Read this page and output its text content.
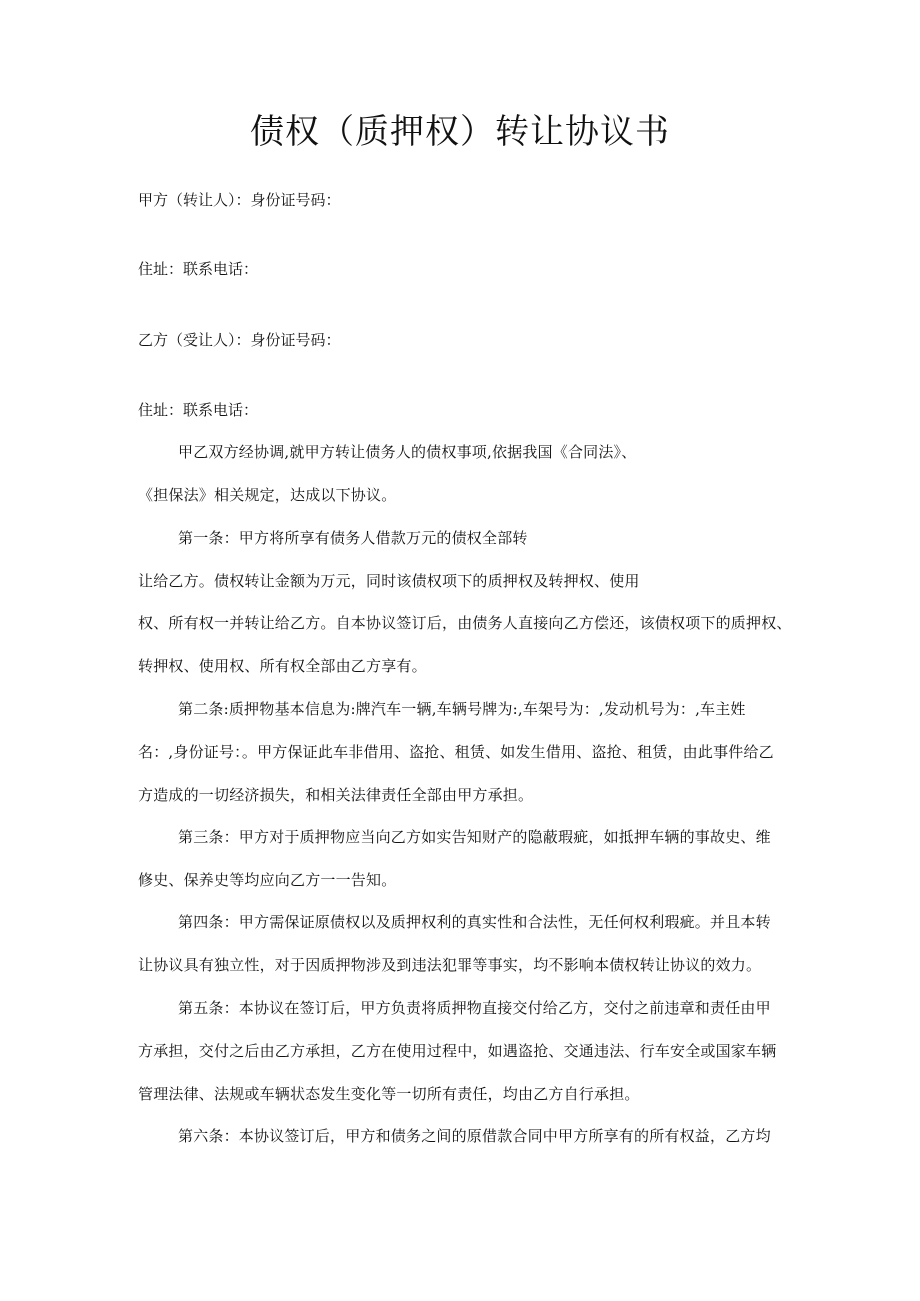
债权（质押权）转让协议书
甲方（转让人）：身份证号码：
住址：联系电话：
乙方（受让人）：身份证号码：
住址：联系电话：
甲乙双方经协调,就甲方转让债务人的债权事项,依据我国《合同法》、
《担保法》相关规定，达成以下协议。
第一条：甲方将所享有债务人借款万元的债权全部转
让给乙方。债权转让金额为万元，同时该债权项下的质押权及转押权、使用
权、所有权一并转让给乙方。自本协议签订后，由债务人直接向乙方偿还，该债权项下的质押权、
转押权、使用权、所有权全部由乙方享有。
第二条:质押物基本信息为:牌汽车一辆,车辆号牌为:,车架号为：,发动机号为：,车主姓
名：,身份证号：。甲方保证此车非借用、盗抢、租赁、如发生借用、盗抢、租赁，由此事件给乙
方造成的一切经济损失，和相关法律责任全部由甲方承担。
第三条：甲方对于质押物应当向乙方如实告知财产的隐蔽瑕疵，如抵押车辆的事故史、维
修史、保养史等均应向乙方一一告知。
第四条：甲方需保证原债权以及质押权利的真实性和合法性，无任何权利瑕疵。并且本转
让协议具有独立性，对于因质押物涉及到违法犯罪等事实，均不影响本债权转让协议的效力。
第五条：本协议在签订后，甲方负责将质押物直接交付给乙方，交付之前违章和责任由甲
方承担，交付之后由乙方承担，乙方在使用过程中，如遇盗抢、交通违法、行车安全或国家车辆
管理法律、法规或车辆状态发生变化等一切所有责任，均由乙方自行承担。
第六条：本协议签订后，甲方和债务之间的原借款合同中甲方所享有的所有权益，乙方均
